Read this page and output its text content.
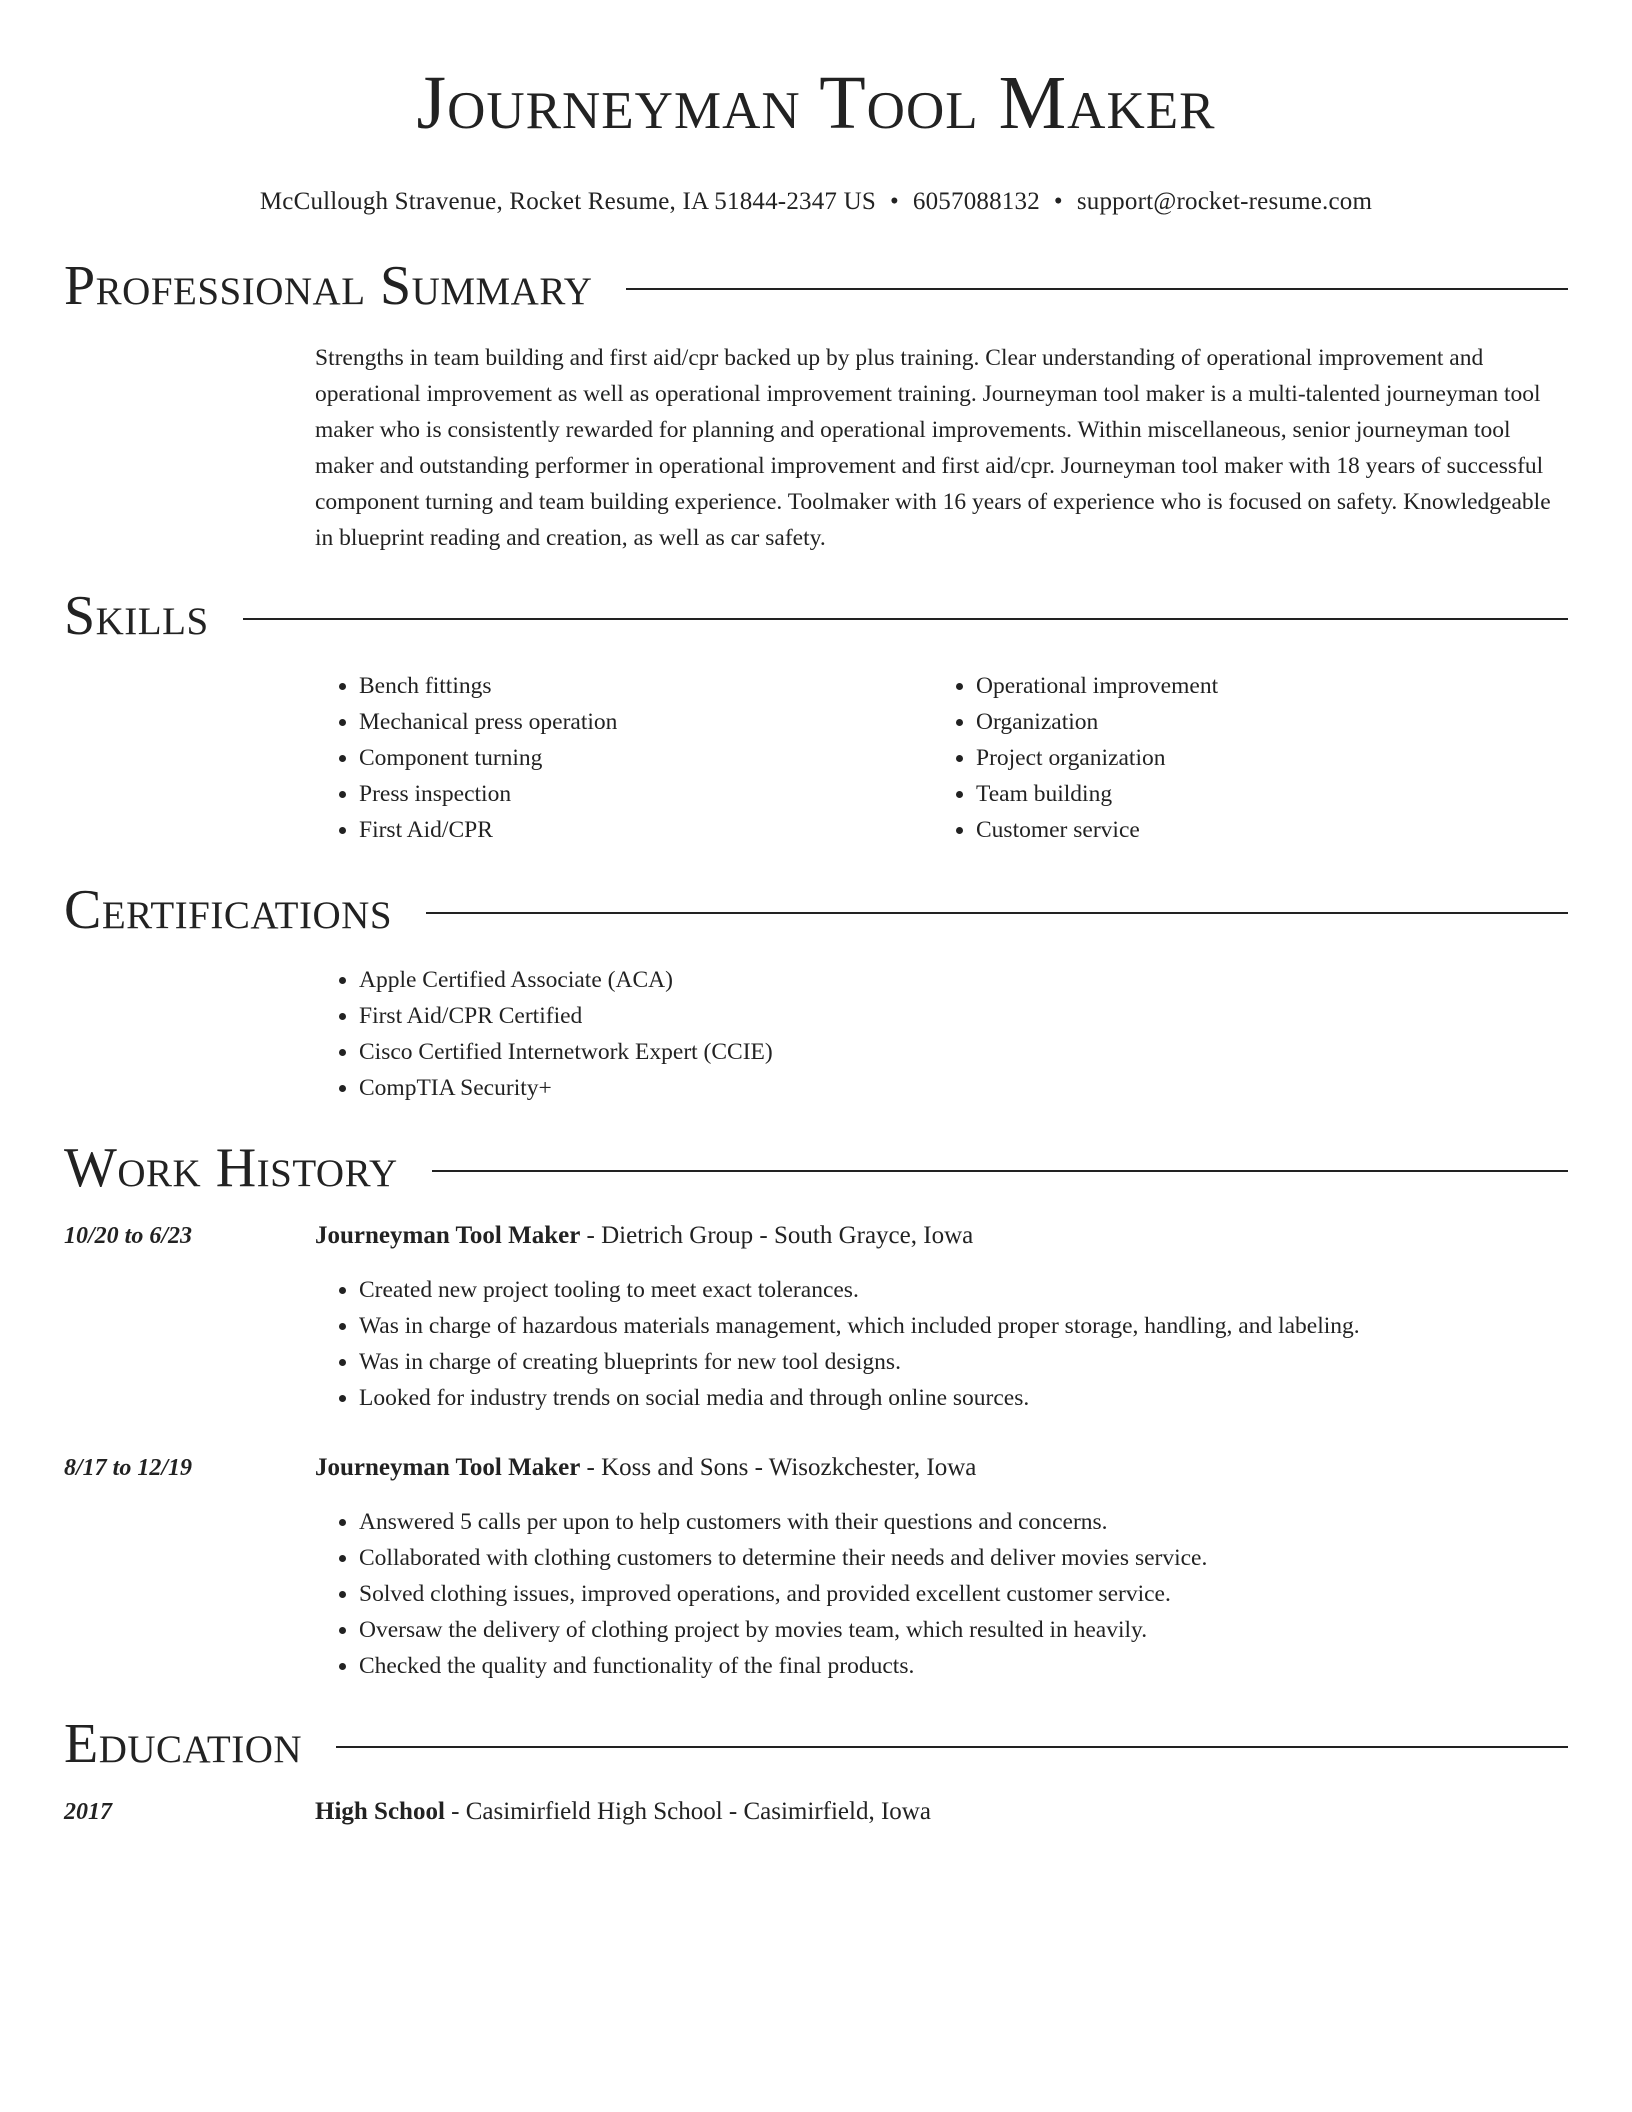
Journeyman Tool Maker
McCullough Stravenue, Rocket Resume, IA 51844-2347 US • 6057088132 • support@rocket-resume.com
Professional Summary

Strengths in team building and first aid/cpr backed up by plus training. Clear understanding of operational improvement and operational improvement as well as operational improvement training. Journeyman tool maker is a multi-talented journeyman tool maker who is consistently rewarded for planning and operational improvements. Within miscellaneous, senior journeyman tool maker and outstanding performer in operational improvement and first aid/cpr. Journeyman tool maker with 18 years of successful component turning and team building experience. Toolmaker with 16 years of experience who is focused on safety. Knowledgeable in blueprint reading and creation, as well as car safety.

Skills
• Bench fittings
• Mechanical press operation
• Component turning
• Press inspection
• First Aid/CPR
• Operational improvement
• Organization
• Project organization
• Team building
• Customer service
Certifications
• Apple Certified Associate (ACA)
• First Aid/CPR Certified
• Cisco Certified Internetwork Expert (CCIE)
• CompTIA Security+
Work History
10/20 to 6/23	Journeyman Tool Maker - Dietrich Group - South Grayce, Iowa
• Created new project tooling to meet exact tolerances.
• Was in charge of hazardous materials management, which included proper storage, handling, and labeling.
• Was in charge of creating blueprints for new tool designs.
• Looked for industry trends on social media and through online sources.
8/17 to 12/19	Journeyman Tool Maker - Koss and Sons - Wisozkchester, Iowa
• Answered 5 calls per upon to help customers with their questions and concerns.
• Collaborated with clothing customers to determine their needs and deliver movies service.
• Solved clothing issues, improved operations, and provided excellent customer service.
• Oversaw the delivery of clothing project by movies team, which resulted in heavily.
• Checked the quality and functionality of the final products.
Education
2017	High School - Casimirfield High School - Casimirfield, Iowa
